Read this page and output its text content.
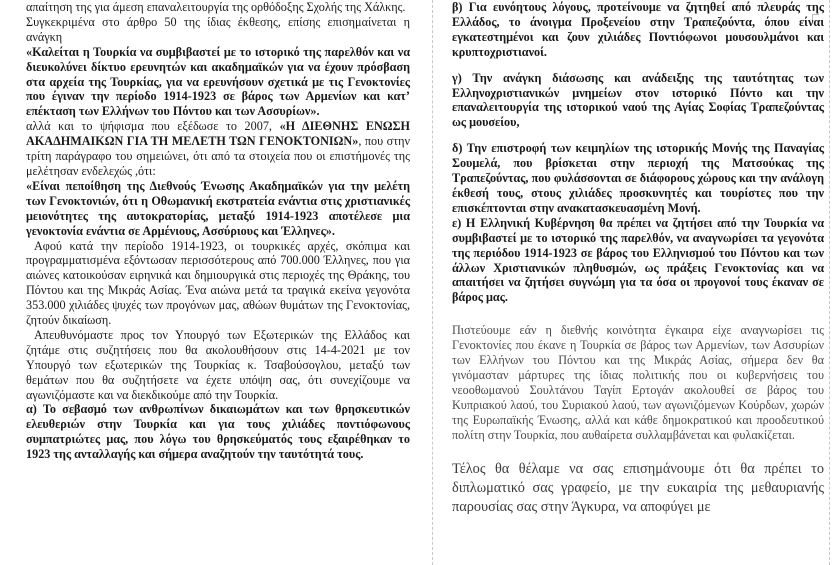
απαίτηση της για άμεση επαναλειτουργία της ορθόδοξης Σχολής της Χάλκης.

Συγκεκριμένα στο άρθρο 50 της ίδιας έκθεσης, επίσης επισημαίνεται η ανάγκη

«Καλείται η Τουρκία να συμβιβαστεί με το ιστορικό της παρελθόν και να διευκολύνει δίκτυο ερευνητών και ακαδημαϊκών για να έχουν πρόσβαση στα αρχεία της Τουρκίας, για να ερευνήσουν σχετικά με τις Γενοκτονίες που έγιναν την περίοδο 1914-1923 σε βάρος των Αρμενίων και κατ’ επέκταση των Ελλήνων του Πόντου και των Ασσυρίων».

αλλά και το ψήφισμα που εξέδωσε το 2007, «Η ΔΙΕΘΝΗΣ ΕΝΩΣΗ ΑΚΑΔΗΜΑΙΚΩΝ ΓΙΑ ΤΗ ΜΕΛΕΤΗ ΤΩΝ ΓΕΝΟΚΤΟΝΙΩΝ», που στην τρίτη παράγραφο του σημειώνει, ότι από τα στοιχεία που οι επιστήμονές της μελέτησαν ενδελεχώς ,ότι:

«Είναι πεποίθηση της Διεθνούς Ένωσης Ακαδημαϊκών για την μελέτη των Γενοκτονιών, ότι η Οθωμανική εκστρατεία ενάντια στις χριστιανικές μειονότητες της αυτοκρατορίας, μεταξύ 1914-1923 αποτέλεσε μια γενοκτονία ενάντια σε Αρμένιους, Ασσύριους και Έλληνες».

Αφού κατά την περίοδο 1914-1923, οι τουρκικές αρχές, σκόπιμα και προγραμματισμένα εξόντωσαν περισσότερους από 700.000 Έλληνες, που για αιώνες κατοικούσαν ειρηνικά και δημιουργικά στις περιοχές της Θράκης, του Πόντου και της Μικράς Ασίας. Ένα αιώνα μετά τα τραγικά εκείνα γεγονότα 353.000 χιλιάδες ψυχές των προγόνων μας, αθώων θυμάτων της Γενοκτονίας, ζητούν δικαίωση.

Απευθυνόμαστε προς τον Υπουργό των Εξωτερικών της Ελλάδος και ζητάμε στις συζητήσεις που θα ακολουθήσουν στις 14-4-2021 με τον Υπουργό των εξωτερικών της Τουρκίας κ. Τσαβούσογλου, μεταξύ των θεμάτων που θα συζητήσετε να έχετε υπόψη σας, ότι συνεχίζουμε να αγωνιζόμαστε και να διεκδικούμε από την Τουρκία.

α) Το σεβασμό των ανθρωπίνων δικαιωμάτων και των θρησκευτικών ελευθεριών στην Τουρκία και για τους χιλιάδες ποντιόφωνους συμπατριώτες μας, που λόγω του θρησκεύματός τους εξαιρέθηκαν το 1923 της ανταλλαγής και σήμερα αναζητούν την ταυτότητά τους.

β) Για ευνόητους λόγους, προτείνουμε να ζητηθεί από πλευράς της Ελλάδος, το άνοιγμα Προξενείου στην Τραπεζούντα, όπου είναι εγκατεστημένοι και ζουν χιλιάδες Ποντιόφωνοι μουσουλμάνοι και κρυπτοχριστιανοί.

γ) Την ανάγκη διάσωσης και ανάδειξης της ταυτότητας των Ελληνοχριστιανικών μνημείων στον ιστορικό Πόντο και την επαναλειτουργία της ιστορικού ναού της Αγίας Σοφίας Τραπεζούντας ως μουσείου,

δ) Την επιστροφή των κειμηλίων της ιστορικής Μονής της Παναγίας Σουμελά, που βρίσκεται στην περιοχή της Ματσούκας της Τραπεζούντας, που φυλάσσονται σε διάφορους χώρους και την ανάλογη έκθεσή τους, στους χιλιάδες προσκυνητές και τουρίστες που την επισκέπτονται στην ανακατασκευασμένη Μονή.

ε) Η Ελληνική Κυβέρνηση θα πρέπει να ζητήσει από την Τουρκία να συμβιβαστεί με το ιστορικό της παρελθόν, να αναγνωρίσει τα γεγονότα της περιόδου 1914-1923 σε βάρος του Ελληνισμού του Πόντου και των άλλων Χριστιανικών πληθυσμών, ως πράξεις Γενοκτονίας και να απαιτήσει να ζητήσει συγνώμη για τα όσα οι προγονοί τους έκαναν σε βάρος μας.

Πιστεύουμε εάν η διεθνής κοινότητα έγκαιρα είχε αναγνωρίσει τις Γενοκτονίες που έκανε η Τουρκία σε βάρος των Αρμενίων, των Ασσυρίων των Ελλήνων του Πόντου και της Μικράς Ασίας, σήμερα δεν θα γινόμασταν μάρτυρες της ίδιας πολιτικής που οι κυβερνήσεις του νεοοθωμανού Σουλτάνου Ταγίπ Ερτογάν ακολουθεί σε βάρος του Κυπριακού λαού, του Συριακού λαού, των αγωνιζόμενων Κούρδων, χωρών της Ευρωπαϊκής Ένωσης, αλλά και κάθε δημοκρατικού και προοδευτικού πολίτη στην Τουρκία, που αυθαίρετα συλλαμβάνεται και φυλακίζεται.

Τέλος θα θέλαμε να σας επισημάνουμε ότι θα πρέπει το διπλωματικό σας γραφείο, με την ευκαιρία της μεθαυριανής παρουσίας σας στην Άγκυρα, να αποφύγει με
